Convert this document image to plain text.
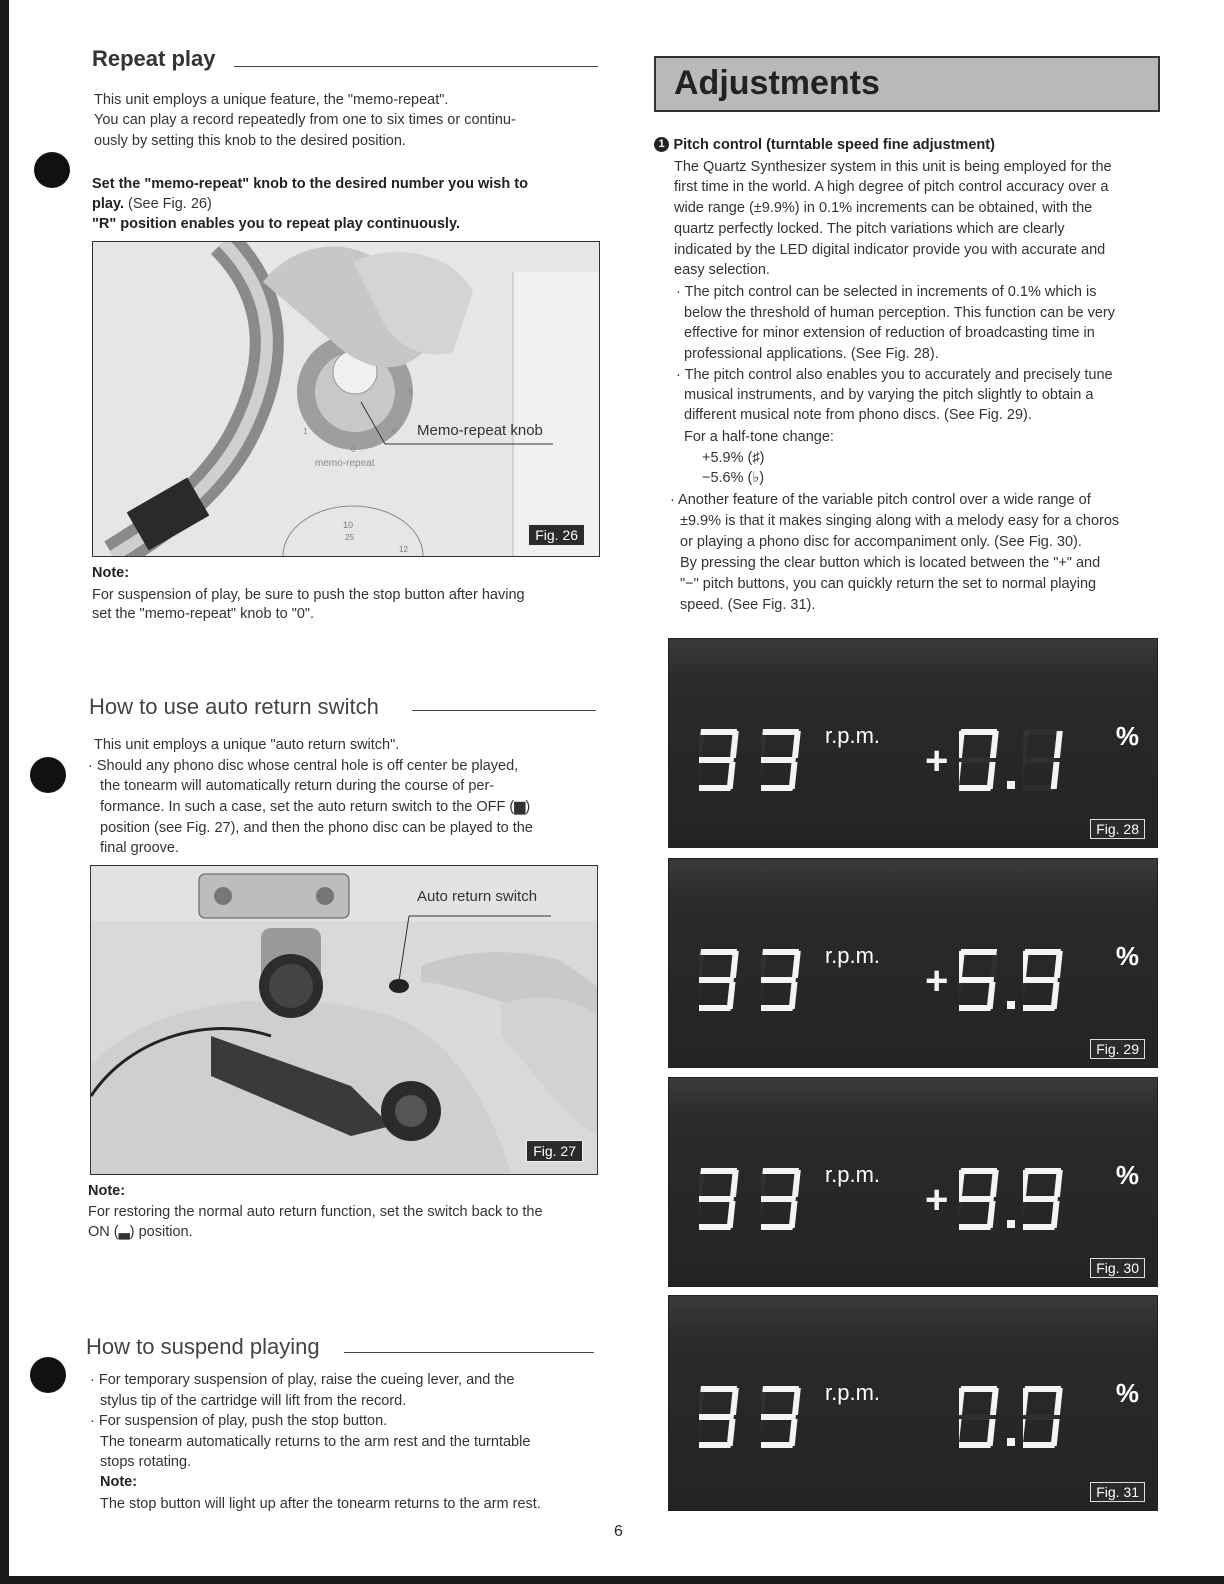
Repeat play

This unit employs a unique feature, the "memo-repeat".

You can play a record repeatedly from one to six times or continu-

ously by setting this knob to the desired position.

Set the "memo-repeat" knob to the desired number you wish to

play. (See Fig. 26)

"R" position enables you to repeat play continuously.

6
1
0
R
10
25
12
memo-repeat
Memo-repeat knob
Fig. 26

Note:

For suspension of play, be sure to push the stop button after having

set the "memo-repeat" knob to "0".

How to use auto return switch

This unit employs a unique "auto return switch".

· Should any phono disc whose central hole is off center be played,

the tonearm will automatically return during the course of per-

formance. In such a case, set the auto return switch to the OFF (▆)

position (see Fig. 27), and then the phono disc can be played to the

final groove.

Auto return switch
Fig. 27

Note:

For restoring the normal auto return function, set the switch back to the

ON (▃) position.

How to suspend playing

· For temporary suspension of play, raise the cueing lever, and the

stylus tip of the cartridge will lift from the record.

· For suspension of play, push the stop button.

The tonearm automatically returns to the arm rest and the turntable

stops rotating.

Note:

The stop button will light up after the tonearm returns to the arm rest.

Adjustments
1 Pitch control (turntable speed fine adjustment)

The Quartz Synthesizer system in this unit is being employed for the

first time in the world. A high degree of pitch control accuracy over a

wide range (±9.9%) in 0.1% increments can be obtained, with the

quartz perfectly locked. The pitch variations which are clearly

indicated by the LED digital indicator provide you with accurate and

easy selection.

· The pitch control can be selected in increments of 0.1% which is

below the threshold of human perception. This function can be very

effective for minor extension of reduction of broadcasting time in

professional applications. (See Fig. 28).

· The pitch control also enables you to accurately and precisely tune

musical instruments, and by varying the pitch slightly to obtain a

different musical note from phono discs. (See Fig. 29).

For a half-tone change:

+5.9% (♯)

−5.6% (♭)

· Another feature of the variable pitch control over a wide range of

±9.9% is that it makes singing along with a melody easy for a choros

or playing a phono disc for accompaniment only. (See Fig. 30).

By pressing the clear button which is located between the "+" and

"−" pitch buttons, you can quickly return the set to normal playing

speed. (See Fig. 31).

r.p.m.
+
%
Fig. 28
r.p.m.
+
%
Fig. 29
r.p.m.
+
%
Fig. 30
r.p.m.	%
Fig. 31
6
